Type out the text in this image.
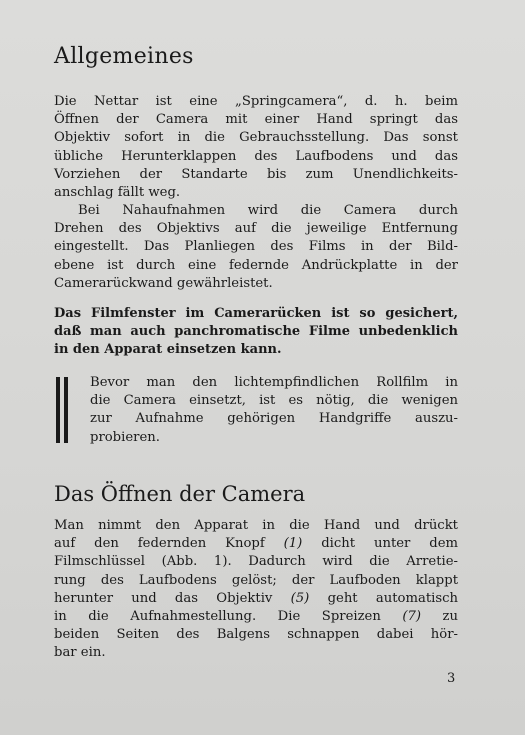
Allgemeines

Die Nettar ist eine „Springcamera“, d. h. beim
Öffnen der Camera mit einer Hand springt das
Objektiv sofort in die Gebrauchsstellung. Das sonst
übliche Herunterklappen des Laufbodens und das
Vorziehen der Standarte bis zum Unendlichkeits-
anschlag fällt weg.

Bei Nahaufnahmen wird die Camera durch
Drehen des Objektivs auf die jeweilige Entfernung
eingestellt. Das Planliegen des Films in der Bild-
ebene ist durch eine federnde Andrückplatte in der
Camerarückwand gewährleistet.

Das Filmfenster im Camerarücken ist so gesichert,
daß man auch panchromatische Filme unbedenklich
in den Apparat einsetzen kann.

Bevor man den lichtempfindlichen Rollfilm in
die Camera einsetzt, ist es nötig, die wenigen
zur Aufnahme gehörigen Handgriffe auszu-
probieren.

Das Öffnen der Camera

Man nimmt den Apparat in die Hand und drückt
auf den federnden Knopf (1) dicht unter dem
Filmschlüssel (Abb. 1). Dadurch wird die Arretie-
rung des Laufbodens gelöst; der Laufboden klappt
herunter und das Objektiv (5) geht automatisch
in die Aufnahmestellung. Die Spreizen (7) zu
beiden Seiten des Balgens schnappen dabei hör-
bar ein.

3
